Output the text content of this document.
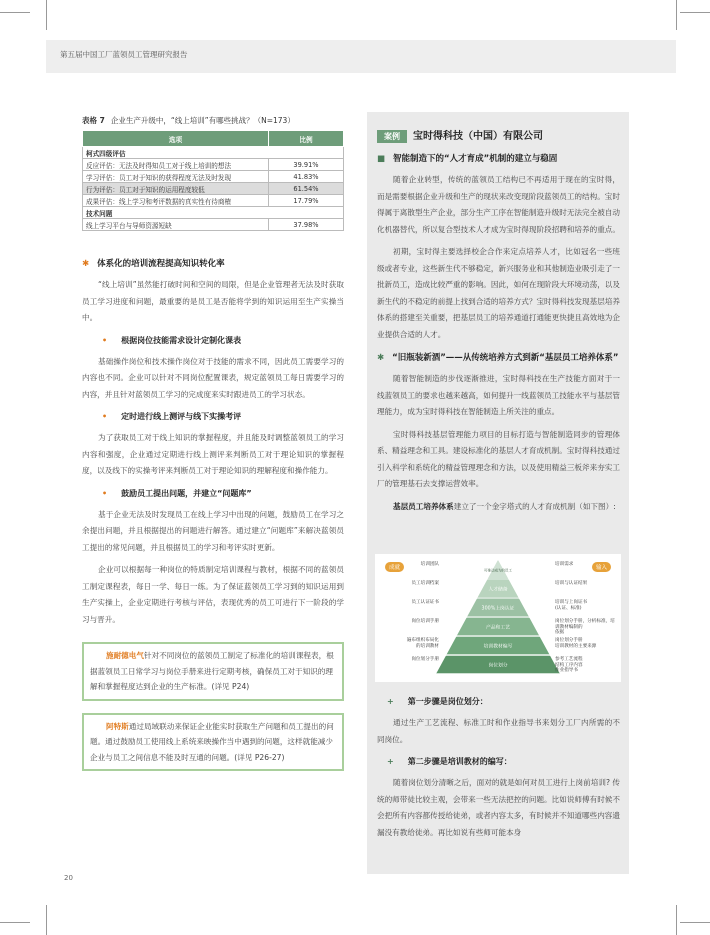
第五届中国工厂蓝领员工管理研究报告
表格 7 企业生产升级中，“线上培训”有哪些挑战？（N=173）
选项	比例
柯式四级评估	
反应评估：无法及时得知员工对于线上培训的想法	39.91%
学习评估：员工对于知识的获得程度无法及时发现	41.83%
行为评估：员工对于知识的运用程度较低	61.54%
成果评估：线上学习和考评数据的真实性有待商榷	17.79%
技术问题	
线上学习平台与导师资源短缺	37.98%
✱ 体系化的培训流程提高知识转化率

“线上培训”虽然能打破时间和空间的局限，但是企业管理者无法及时获取员工学习进度和问题，最重要的是员工是否能将学到的知识运用至生产实操当中。

• 根据岗位技能需求设计定制化课表

基础操作岗位和技术操作岗位对于技能的需求不同，因此员工需要学习的内容也不同。企业可以针对不同岗位配置课表，规定蓝领员工每日需要学习的内容，并且针对蓝领员工学习的完成度来实时跟进员工的学习状态。

• 定时进行线上测评与线下实操考评

为了获取员工对于线上知识的掌握程度，并且能及时调整蓝领员工的学习内容和强度，企业通过定期进行线上测评来判断员工对于理论知识的掌握程度，以及线下的实操考评来判断员工对于理论知识的理解程度和操作能力。

• 鼓励员工提出问题，并建立“问题库”

基于企业无法及时发现员工在线上学习中出现的问题，鼓励员工在学习之余提出问题，并且根据提出的问题进行解答。通过建立“问题库”来解决蓝领员工提出的常见问题，并且根据员工的学习和考评实时更新。

企业可以根据每一种岗位的特质制定培训课程与教材，根据不同的蓝领员工制定课程表，每日一学、每日一练。为了保证蓝领员工学习到的知识运用到生产实操上，企业定期进行考核与评估，表现优秀的员工可进行下一阶段的学习与晋升。

施耐德电气针对不同岗位的蓝领员工制定了标准化的培训课程表，根据蓝领员工日常学习与岗位手册来进行定期考核，确保员工对于知识的理解和掌握程度达到企业的生产标准。(详见 P24)
阿特斯通过局域联动来保证企业能实时获取生产问题和员工提出的问题。通过鼓励员工使用线上系统来映操作当中遇到的问题，这样就能减少企业与员工之间信息不能及时互通的问题。(详见 P26-27)
案例 宝时得科技（中国）有限公司
■ 智能制造下的“人才育成”机制的建立与稳固

随着企业转型，传统的蓝领员工结构已不再适用于现在的宝时得，而是需要根据企业升级和生产的现状来改变现阶段蓝领员工的结构。宝时得属于离散型生产企业，部分生产工序在智能制造升级时无法完全被自动化机器替代，所以复合型技术人才成为宝时得现阶段招聘和培养的重点。

初期，宝时得主要选择校企合作来定点培养人才，比如冠名一些班级或者专业，这些新生代不够稳定，新兴服务业和其他制造业吸引走了一批新员工，造成比较严重的影响。因此，如何在现阶段大环境动荡，以及新生代的不稳定的前提上找到合适的培养方式？宝时得科技发现基层培养体系的搭建至关重要，把基层员工的培养通道打通能更快捷且高效地为企业提供合适的人才。

✱ “旧瓶装新酒”——从传统培养方式到新“基层员工培养体系”

随着智能制造的步伐逐渐推进，宝时得科技在生产技能方面对于一线蓝领员工的要求也越来越高，如何提升一线蓝领员工技能水平与基层管理能力，成为宝时得科技在智能制造上所关注的重点。

宝时得科技基层管理能力项目的目标打造与智能制造同步的管理体系、精益理念和工具。建设标准化的基层人才育成机制。宝时得科技通过引入科学和系统化的精益管理理念和方法，以及使用精益三板斧来夯实工厂的管理基石去支撑运营效率。

基层员工培养体系建立了一个金字塔式的人才育成机制（如下图）:

可推动成为的员工
人才储备
300%上岗认证
产品和工艺
培训教材编写
岗位划分
成就	输入
培训团队
员工培训档案
员工认证证书
岗位培训手册
遍布组织布局化
的培训教材
岗位划分手册
培训需求
培训与认证结果
培训与上岗证书
(认证、标准)
岗位划分手册，分析标准，培训教材编制的
依据
岗位划分手册
培训教材的主要来源
参考工艺流程
结构工序内容
作业指导书
+ 第一步骤是岗位划分：

通过生产工艺流程、标准工时和作业指导书来划分工厂内所需的不同岗位。

+ 第二步骤是培训教材的编写：

随着岗位划分清晰之后，面对的就是如何对员工进行上岗前培训? 传统的师带徒比较主观，会带来一些无法把控的问题。比如说师傅有时候不会把所有内容都传授给徒弟，或者内容太多，有时候并不知道哪些内容遗漏没有教给徒弟。再比如说有些师可能本身

20
